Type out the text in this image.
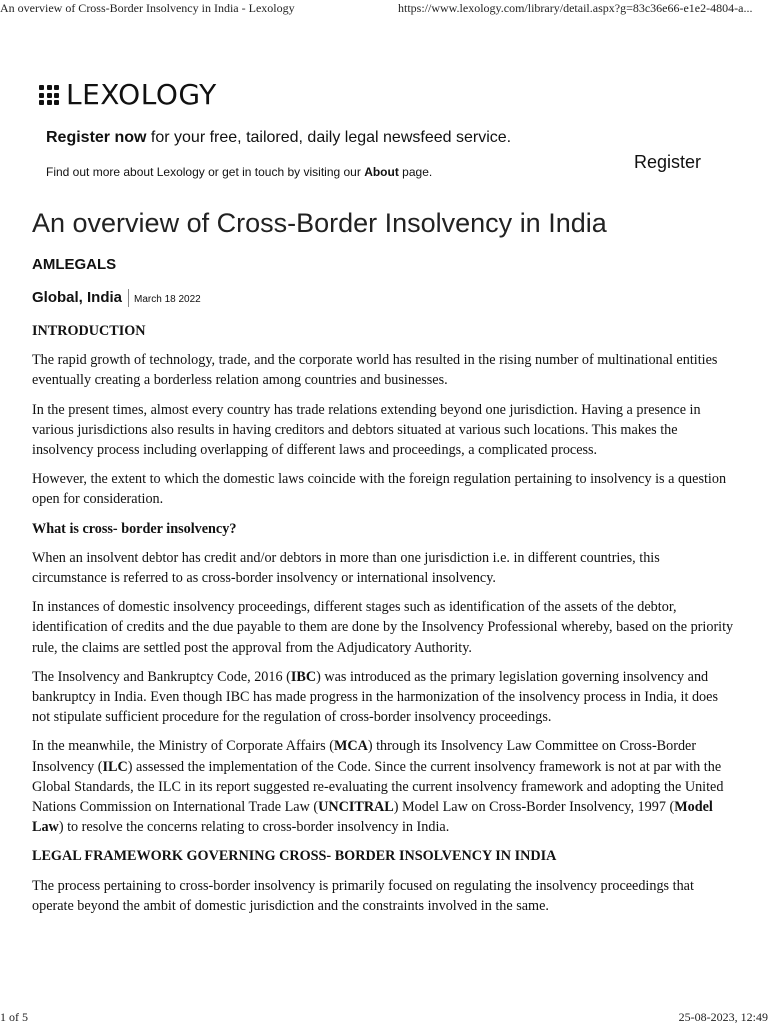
An overview of Cross-Border Insolvency in India - Lexology	https://www.lexology.com/library/detail.aspx?g=83c36e66-e1e2-4804-a...
LEXOLOGY
Register now for your free, tailored, daily legal newsfeed service.
Find out more about Lexology or get in touch by visiting our About page.	Register
An overview of Cross-Border Insolvency in India
AMLEGALS
Global, India	March 18 2022

INTRODUCTION

The rapid growth of technology, trade, and the corporate world has resulted in the rising number of multinational entities eventually creating a borderless relation among countries and businesses.

In the present times, almost every country has trade relations extending beyond one jurisdiction. Having a presence in various jurisdictions also results in having creditors and debtors situated at various such locations. This makes the insolvency process including overlapping of different laws and proceedings, a complicated process.

However, the extent to which the domestic laws coincide with the foreign regulation pertaining to insolvency is a question open for consideration.

What is cross- border insolvency?

When an insolvent debtor has credit and/or debtors in more than one jurisdiction i.e. in different countries, this circumstance is referred to as cross-border insolvency or international insolvency.

In instances of domestic insolvency proceedings, different stages such as identification of the assets of the debtor, identification of credits and the due payable to them are done by the Insolvency Professional whereby, based on the priority rule, the claims are settled post the approval from the Adjudicatory Authority.

The Insolvency and Bankruptcy Code, 2016 (IBC) was introduced as the primary legislation governing insolvency and bankruptcy in India. Even though IBC has made progress in the harmonization of the insolvency process in India, it does not stipulate sufficient procedure for the regulation of cross-border insolvency proceedings.

In the meanwhile, the Ministry of Corporate Affairs (MCA) through its Insolvency Law Committee on Cross-Border Insolvency (ILC) assessed the implementation of the Code. Since the current insolvency framework is not at par with the Global Standards, the ILC in its report suggested re-evaluating the current insolvency framework and adopting the United Nations Commission on International Trade Law (UNCITRAL) Model Law on Cross-Border Insolvency, 1997 (Model Law) to resolve the concerns relating to cross-border insolvency in India.

LEGAL FRAMEWORK GOVERNING CROSS- BORDER INSOLVENCY IN INDIA

The process pertaining to cross-border insolvency is primarily focused on regulating the insolvency proceedings that operate beyond the ambit of domestic jurisdiction and the constraints involved in the same.

1 of 5	25-08-2023, 12:49
